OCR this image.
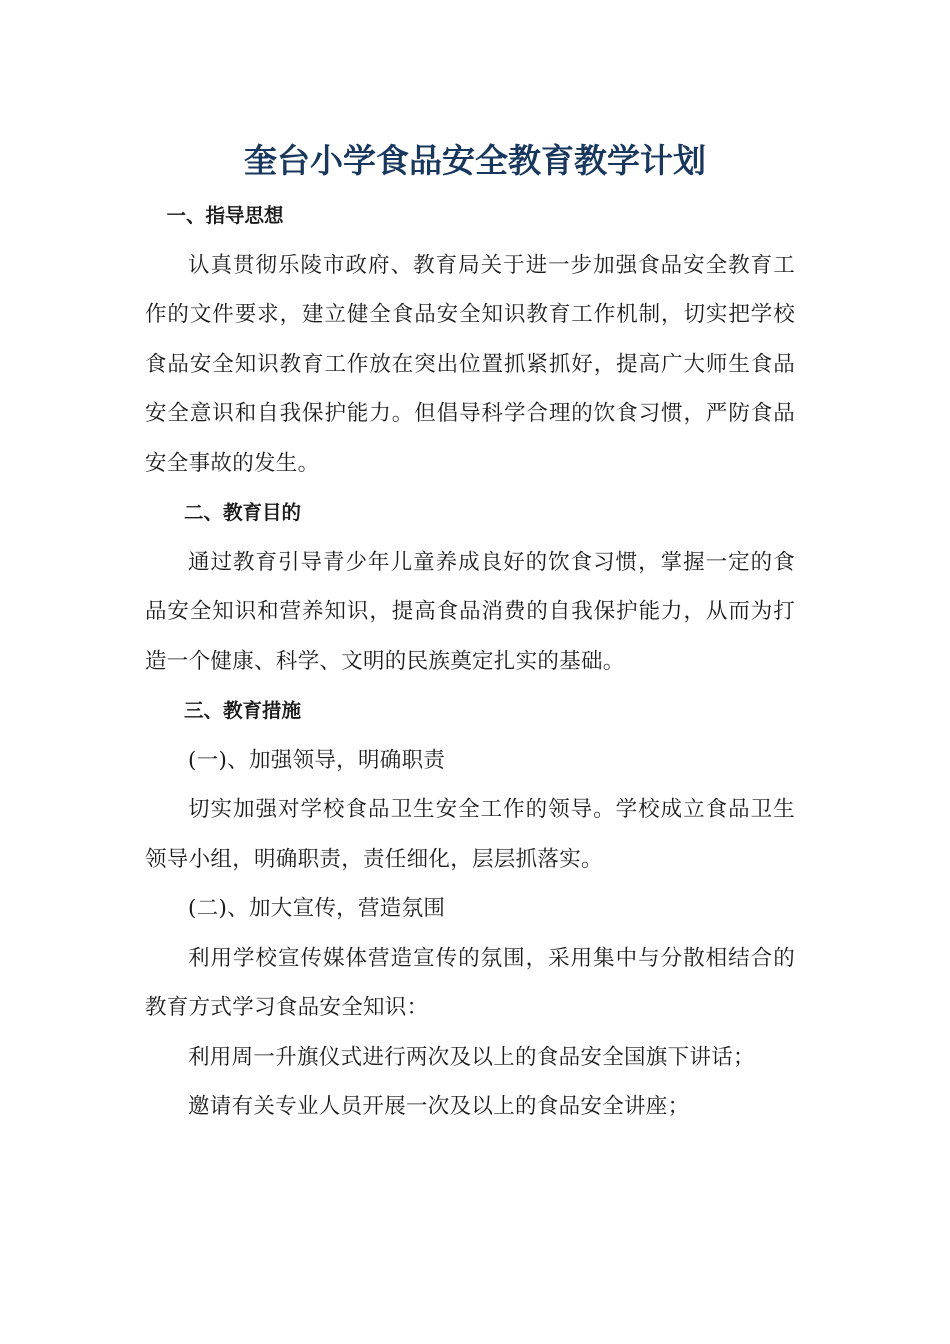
奎台小学食品安全教育教学计划

一、指导思想

认真贯彻乐陵市政府、教育局关于进一步加强食品安全教育工作的文件要求，建立健全食品安全知识教育工作机制，切实把学校食品安全知识教育工作放在突出位置抓紧抓好，提高广大师生食品安全意识和自我保护能力。但倡导科学合理的饮食习惯，严防食品安全事故的发生。

二、教育目的

通过教育引导青少年儿童养成良好的饮食习惯，掌握一定的食品安全知识和营养知识，提高食品消费的自我保护能力，从而为打造一个健康、科学、文明的民族奠定扎实的基础。

三、教育措施

(一)、加强领导，明确职责

切实加强对学校食品卫生安全工作的领导。学校成立食品卫生领导小组，明确职责，责任细化，层层抓落实。

(二)、加大宣传，营造氛围

利用学校宣传媒体营造宣传的氛围，采用集中与分散相结合的教育方式学习食品安全知识：

利用周一升旗仪式进行两次及以上的食品安全国旗下讲话；

邀请有关专业人员开展一次及以上的食品安全讲座；
